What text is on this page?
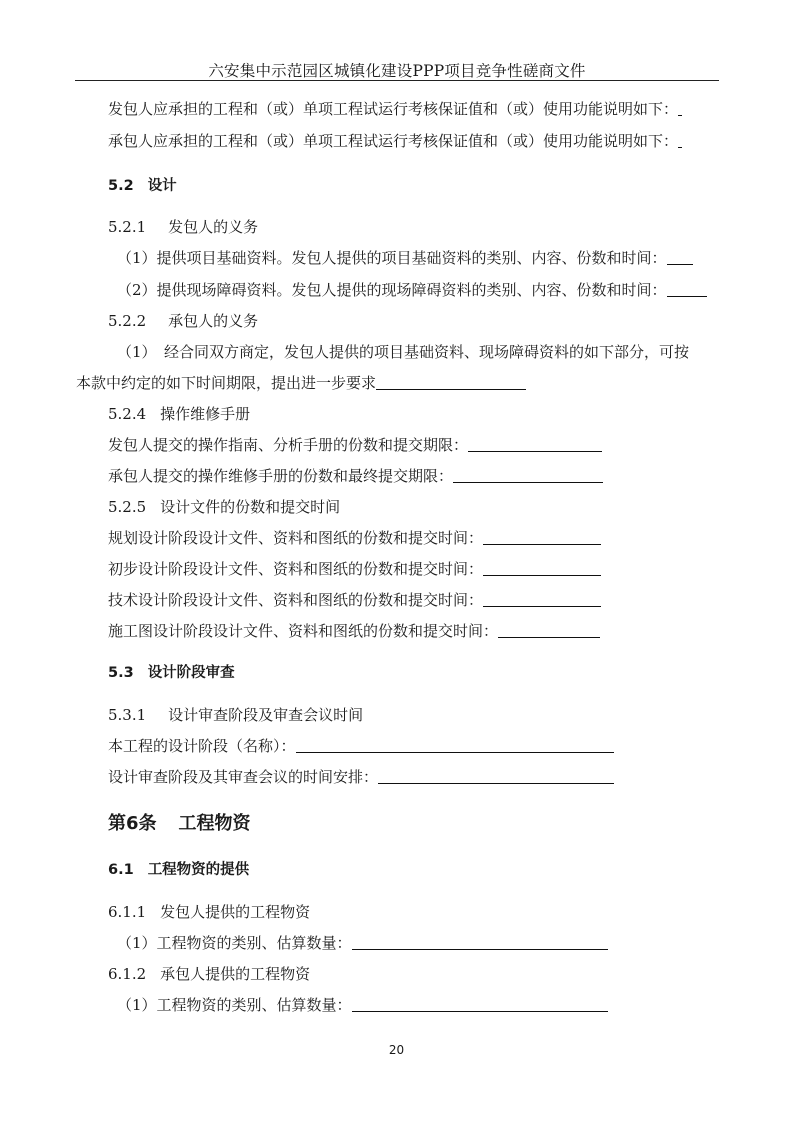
六安集中示范园区城镇化建设PPP项目竞争性磋商文件
发包人应承担的工程和（或）单项工程试运行考核保证值和（或）使用功能说明如下：
承包人应承担的工程和（或）单项工程试运行考核保证值和（或）使用功能说明如下：
5.2 设计
5.2.1 发包人的义务
（1）提供项目基础资料。发包人提供的项目基础资料的类别、内容、份数和时间：
（2）提供现场障碍资料。发包人提供的现场障碍资料的类别、内容、份数和时间：
5.2.2 承包人的义务
（1）　经合同双方商定，发包人提供的项目基础资料、现场障碍资料的如下部分，可按
本款中约定的如下时间期限，提出进一步要求
5.2.4 操作维修手册
发包人提交的操作指南、分析手册的份数和提交期限：
承包人提交的操作维修手册的份数和最终提交期限：
5.2.5 设计文件的份数和提交时间
规划设计阶段设计文件、资料和图纸的份数和提交时间：
初步设计阶段设计文件、资料和图纸的份数和提交时间：
技术设计阶段设计文件、资料和图纸的份数和提交时间：
施工图设计阶段设计文件、资料和图纸的份数和提交时间：
5.3 设计阶段审查
5.3.1 设计审查阶段及审查会议时间
本工程的设计阶段（名称）：
设计审查阶段及其审查会议的时间安排：
第6条 工程物资
6.1 工程物资的提供
6.1.1 发包人提供的工程物资
（1）工程物资的类别、估算数量：
6.1.2 承包人提供的工程物资
（1）工程物资的类别、估算数量：
20
